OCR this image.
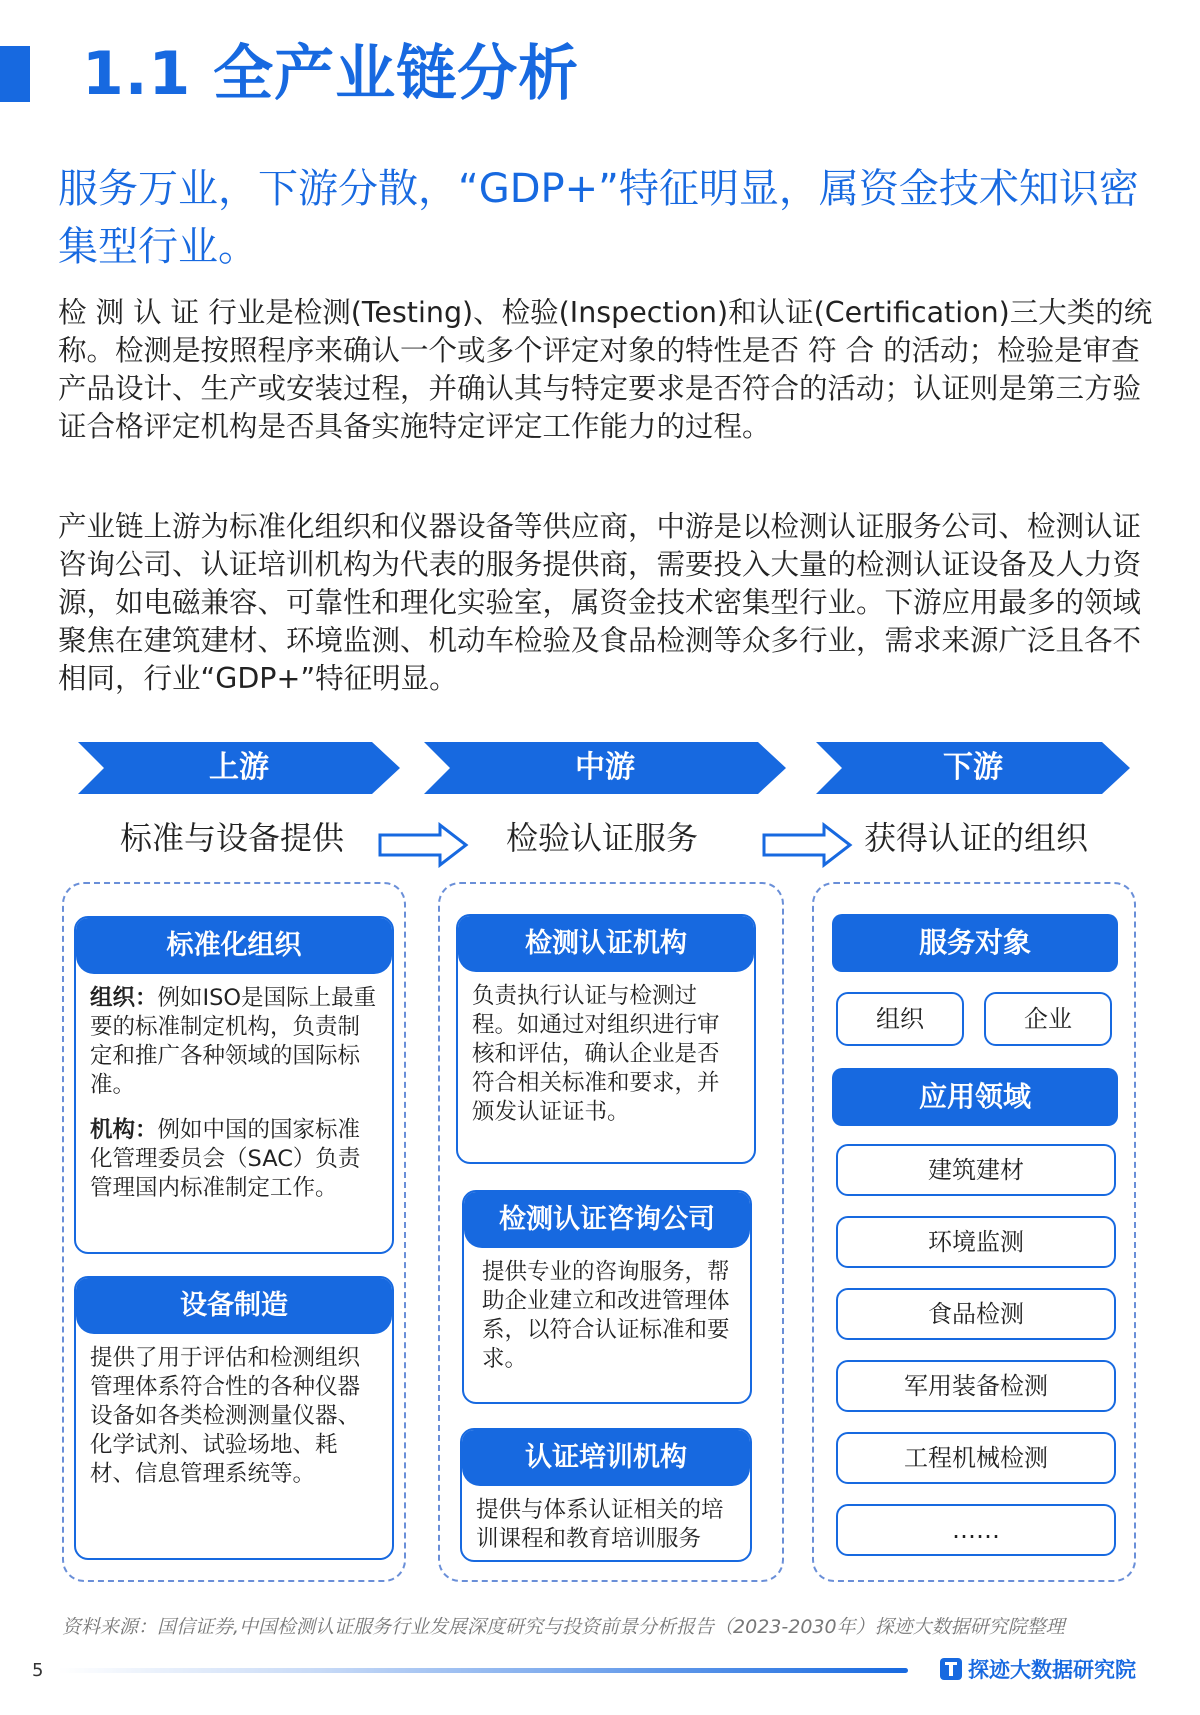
1.1 全产业链分析
服务万业，下游分散，“GDP+”特征明显，属资金技术知识密集型行业。
检 测 认 证 行业是检测(Testing)、检验(Inspection)和认证(Certification)三大类的统称。检测是按照程序来确认一个或多个评定对象的特性是否 符 合 的活动；检验是审查产品设计、生产或安装过程，并确认其与特定要求是否符合的活动；认证则是第三方验证合格评定机构是否具备实施特定评定工作能力的过程。
产业链上游为标准化组织和仪器设备等供应商，中游是以检测认证服务公司、检测认证咨询公司、认证培训机构为代表的服务提供商，需要投入大量的检测认证设备及人力资源，如电磁兼容、可靠性和理化实验室，属资金技术密集型行业。下游应用最多的领域聚焦在建筑建材、环境监测、机动车检验及食品检测等众多行业，需求来源广泛且各不相同，行业“GDP+”特征明显。
上游	中游	下游
标准与设备提供	检验认证服务	获得认证的组织
标准化组织
组织：例如ISO是国际上最重要的标准制定机构，负责制定和推广各种领域的国际标准。
机构：例如中国的国家标准化管理委员会（SAC）负责管理国内标准制定工作。
设备制造
提供了用于评估和检测组织管理体系符合性的各种仪器设备如各类检测测量仪器、化学试剂、试验场地、耗材、信息管理系统等。
检测认证机构
负责执行认证与检测过程。如通过对组织进行审核和评估，确认企业是否符合相关标准和要求，并颁发认证证书。
检测认证咨询公司
提供专业的咨询服务，帮助企业建立和改进管理体系，以符合认证标准和要求。
认证培训机构
提供与体系认证相关的培训课程和教育培训服务
服务对象
组织	企业
应用领域
建筑建材
环境监测
食品检测
军用装备检测
工程机械检测
……
资料来源：国信证券,中国检测认证服务行业发展深度研究与投资前景分析报告（2023-2030年）探迹大数据研究院整理
5	探迹大数据研究院
